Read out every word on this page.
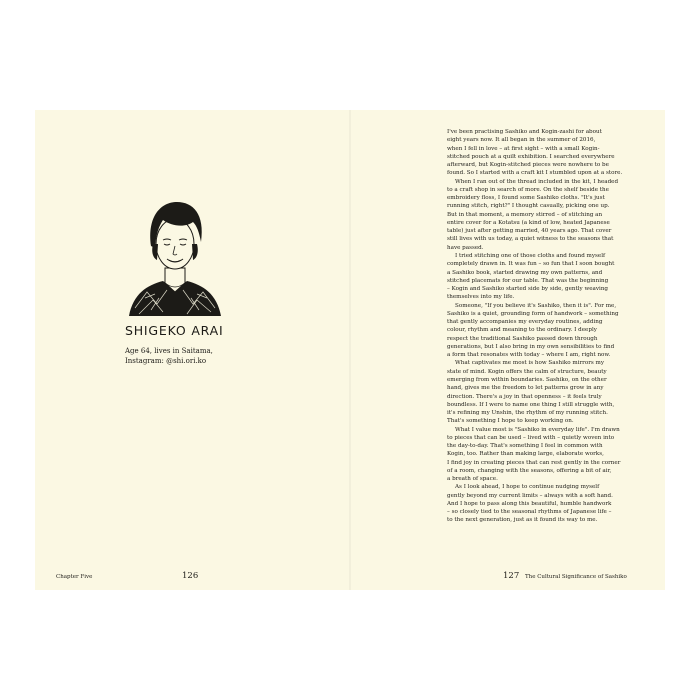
SHIGEKO ARAI
Age 64, lives in Saitama,
Instagram: @shi.ori.ko
Chapter Five	126
I've been practising Sashiko and Kogin-zashi for about
eight years now. It all began in the summer of 2016,
when I fell in love – at first sight – with a small Kogin-
stitched pouch at a quilt exhibition. I searched everywhere
afterward, but Kogin-stitched pieces were nowhere to be
found. So I started with a craft kit I stumbled upon at a store.
When I ran out of the thread included in the kit, I headed
to a craft shop in search of more. On the shelf beside the
embroidery floss, I found some Sashiko cloths. "It's just
running stitch, right?" I thought casually, picking one up.
But in that moment, a memory stirred – of stitching an
entire cover for a Kotatsu (a kind of low, heated Japanese
table) just after getting married, 40 years ago. That cover
still lives with us today, a quiet witness to the seasons that
have passed.
I tried stitching one of those cloths and found myself
completely drawn in. It was fun – so fun that I soon bought
a Sashiko book, started drawing my own patterns, and
stitched placemats for our table. That was the beginning
– Kogin and Sashiko started side by side, gently weaving
themselves into my life.
Someone, "If you believe it's Sashiko, then it is". For me,
Sashiko is a quiet, grounding form of handwork – something
that gently accompanies my everyday routines, adding
colour, rhythm and meaning to the ordinary. I deeply
respect the traditional Sashiko passed down through
generations, but I also bring in my own sensibilities to find
a form that resonates with today – where I am, right now.
What captivates me most is how Sashiko mirrors my
state of mind. Kogin offers the calm of structure, beauty
emerging from within boundaries. Sashiko, on the other
hand, gives me the freedom to let patterns grow in any
direction. There's a joy in that openness – it feels truly
boundless. If I were to name one thing I still struggle with,
it's refining my Unshin, the rhythm of my running stitch.
That's something I hope to keep working on.
What I value most is "Sashiko in everyday life". I'm drawn
to pieces that can be used – lived with – quietly woven into
the day-to-day. That's something I feel in common with
Kogin, too. Rather than making large, elaborate works,
I find joy in creating pieces that can rest gently in the corner
of a room, changing with the seasons, offering a bit of air,
a breath of space.
As I look ahead, I hope to continue nudging myself
gently beyond my current limits – always with a soft hand.
And I hope to pass along this beautiful, humble handwork
– so closely tied to the seasonal rhythms of Japanese life –
to the next generation, just as it found its way to me.
127 The Cultural Significance of Sashiko
